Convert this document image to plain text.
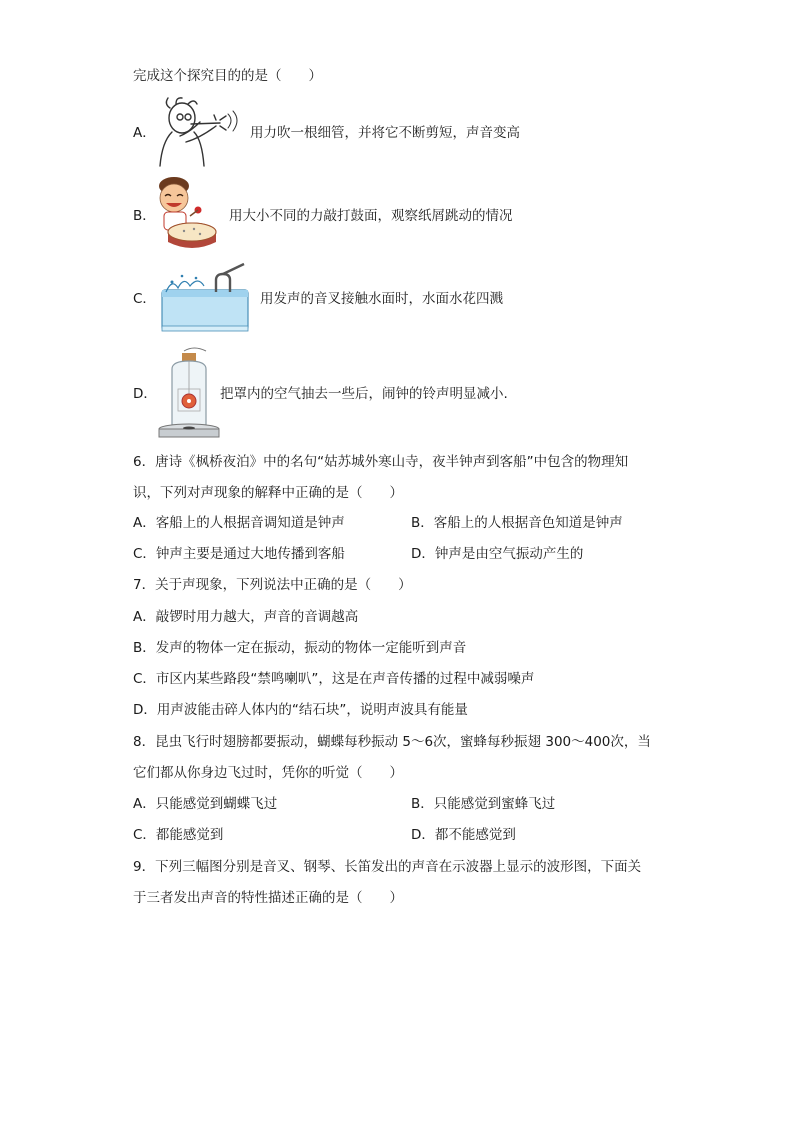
完成这个探究目的的是（　　）
A．	用力吹一根细管，并将它不断剪短，声音变高
B．	用大小不同的力敲打鼓面，观察纸屑跳动的情况
C．	用发声的音叉接触水面时，水面水花四溅
D．	把罩内的空气抽去一些后，闹钟的铃声明显减小.
6．唐诗《枫桥夜泊》中的名句“姑苏城外寒山寺，夜半钟声到客船”中包含的物理知
识，下列对声现象的解释中正确的是（　　）
A．客船上的人根据音调知道是钟声	B．客船上的人根据音色知道是钟声
C．钟声主要是通过大地传播到客船	D．钟声是由空气振动产生的
7．关于声现象，下列说法中正确的是（　　）
A．敲锣时用力越大，声音的音调越高
B．发声的物体一定在振动，振动的物体一定能听到声音
C．市区内某些路段“禁鸣喇叭”，这是在声音传播的过程中减弱噪声
D．用声波能击碎人体内的“结石块”，说明声波具有能量
8．昆虫飞行时翅膀都要振动，蝴蝶每秒振动 5～6次，蜜蜂每秒振翅 300～400次，当
它们都从你身边飞过时，凭你的听觉（　　）
A．只能感觉到蝴蝶飞过	B．只能感觉到蜜蜂飞过
C．都能感觉到	D．都不能感觉到
9．下列三幅图分别是音叉、钢琴、长笛发出的声音在示波器上显示的波形图，下面关
于三者发出声音的特性描述正确的是（　　）
